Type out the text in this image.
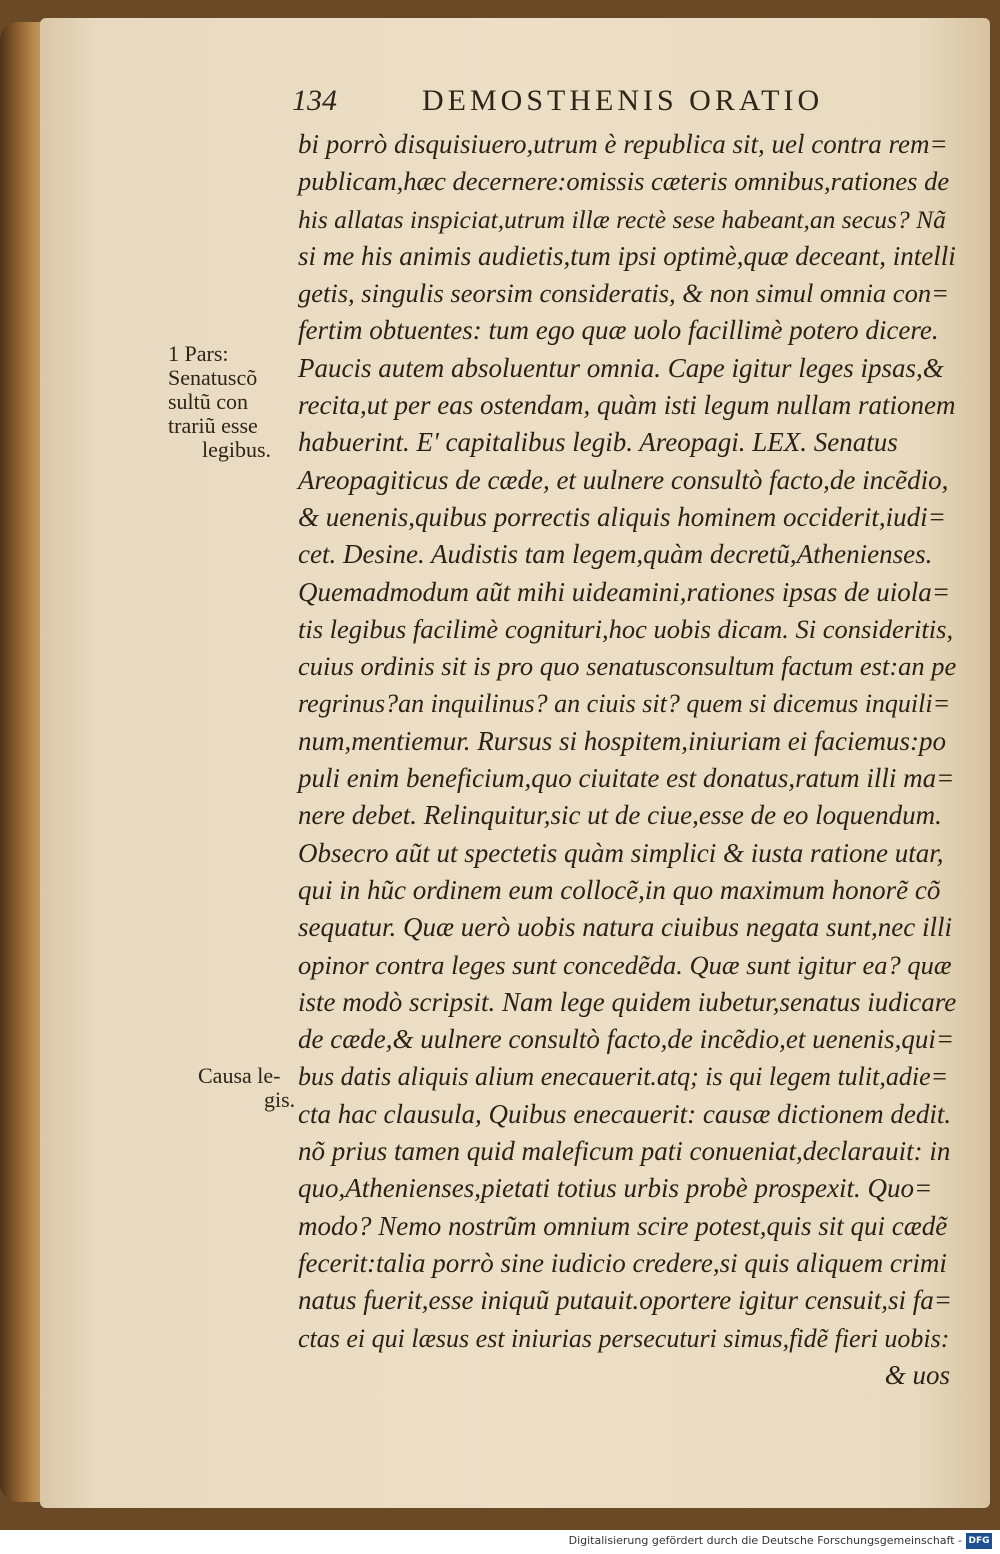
134	DEMOSTHENIS ORATIO
1 Pars:
Senatuscõ
sultũ con
trariũ esse
legibus.
Causa le-
gis.
bi porrò disquisiuero,utrum è republica sit, uel contra rem=
publicam,hæc decernere:omissis cæteris omnibus,rationes de
his allatas inspiciat,utrum illæ rectè sese habeant,an secus? Nã
si me his animis audietis,tum ipsi optimè,quæ deceant, intelli
getis, singulis seorsim consideratis, & non simul omnia con=
fertim obtuentes: tum ego quæ uolo facillimè potero dicere.
Paucis autem absoluentur omnia. Cape igitur leges ipsas,&
recita,ut per eas ostendam, quàm isti legum nullam rationem
habuerint. E' capitalibus legib. Areopagi. LEX. Senatus
Areopagiticus de cæde, et uulnere consultò facto,de incẽdio,
& uenenis,quibus porrectis aliquis hominem occiderit,iudi=
cet. Desine. Audistis tam legem,quàm decretũ,Athenienses.
Quemadmodum aũt mihi uideamini,rationes ipsas de uiola=
tis legibus facilimè cognituri,hoc uobis dicam. Si consideritis,
cuius ordinis sit is pro quo senatusconsultum factum est:an pe
regrinus?an inquilinus? an ciuis sit? quem si dicemus inquili=
num,mentiemur. Rursus si hospitem,iniuriam ei faciemus:po
puli enim beneficium,quo ciuitate est donatus,ratum illi ma=
nere debet. Relinquitur,sic ut de ciue,esse de eo loquendum.
Obsecro aũt ut spectetis quàm simplici & iusta ratione utar,
qui in hũc ordinem eum collocẽ,in quo maximum honorẽ cõ
sequatur. Quæ uerò uobis natura ciuibus negata sunt,nec illi
opinor contra leges sunt concedẽda. Quæ sunt igitur ea? quæ
iste modò scripsit. Nam lege quidem iubetur,senatus iudicare
de cæde,& uulnere consultò facto,de incẽdio,et uenenis,qui=
bus datis aliquis alium enecauerit.atq; is qui legem tulit,adie=
cta hac clausula, Quibus enecauerit: causæ dictionem dedit.
nõ prius tamen quid maleficum pati conueniat,declarauit: in
quo,Athenienses,pietati totius urbis probè prospexit. Quo=
modo? Nemo nostrũm omnium scire potest,quis sit qui cædẽ
fecerit:talia porrò sine iudicio credere,si quis aliquem crimi
natus fuerit,esse iniquũ putauit.oportere igitur censuit,si fa=
ctas ei qui læsus est iniurias persecuturi simus,fidẽ fieri uobis:
& uos
Digitalisierung gefördert durch die Deutsche Forschungsgemeinschaft - DFG
